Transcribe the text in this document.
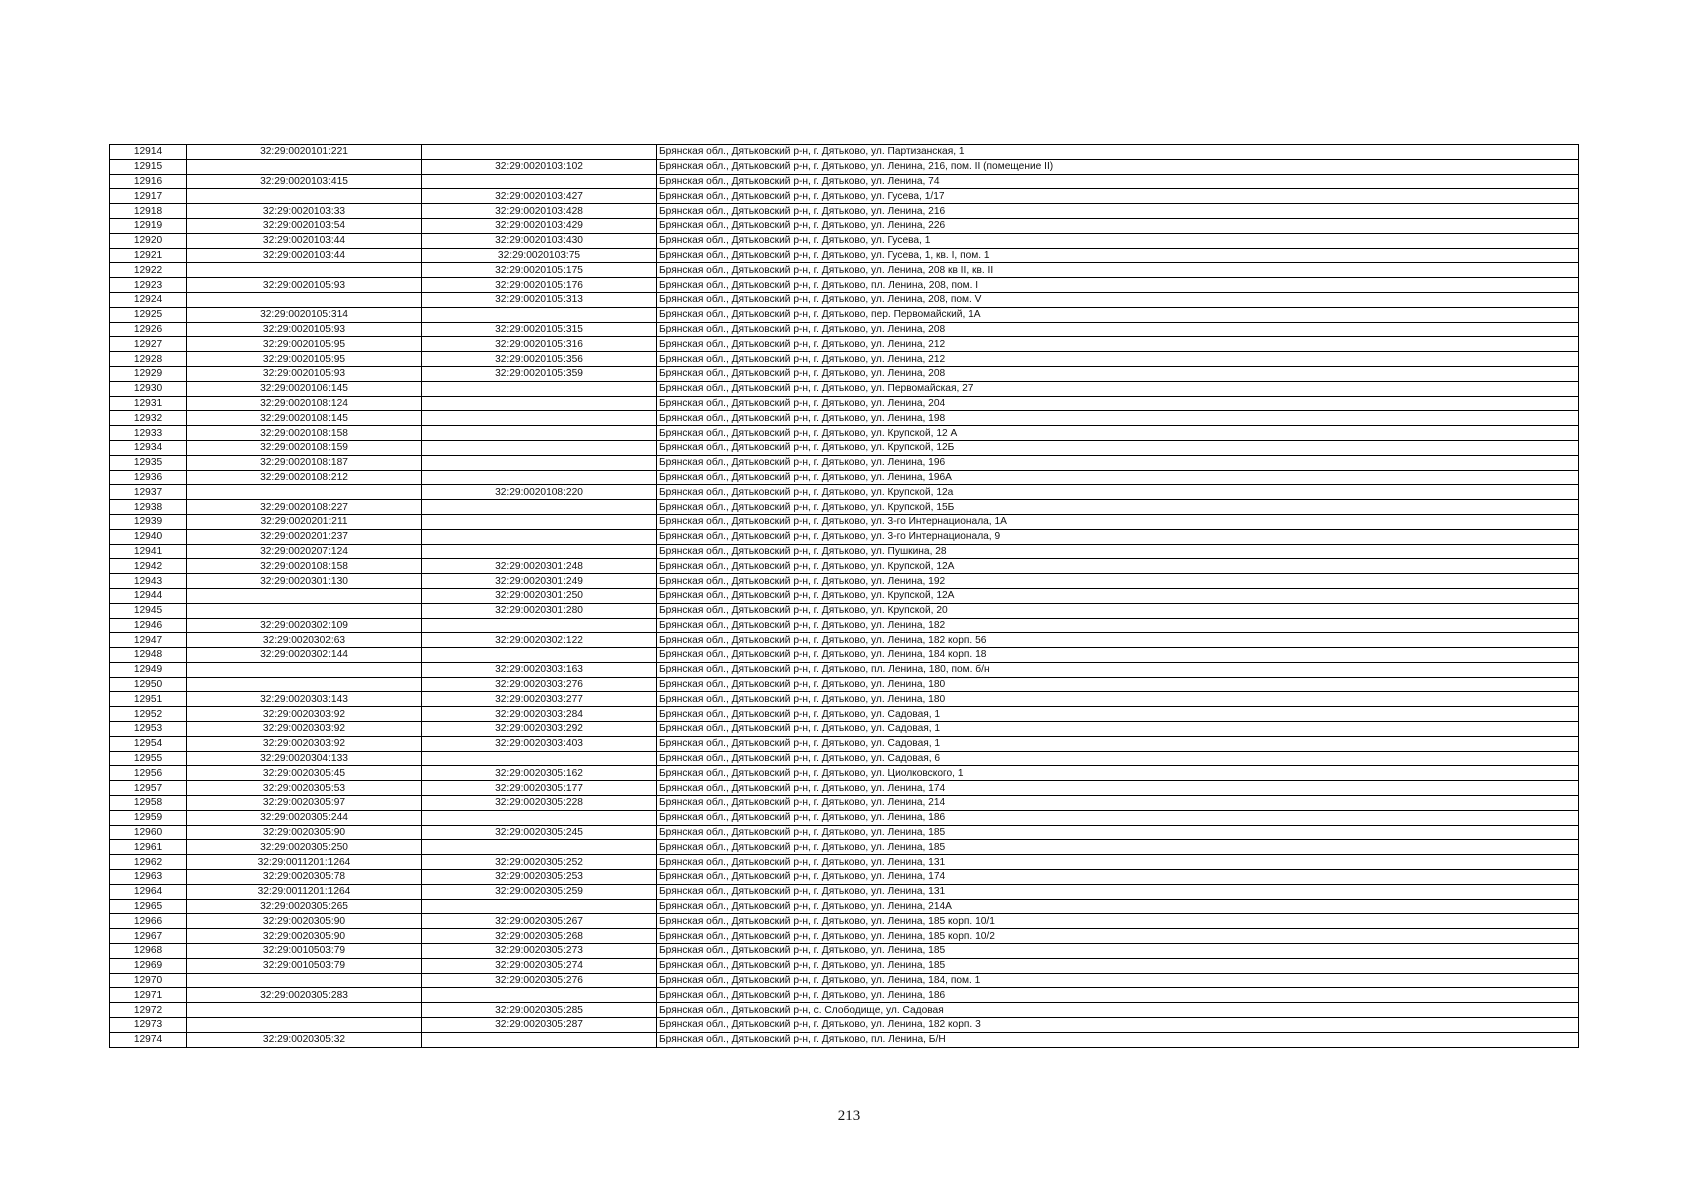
12914	32:29:0020101:221		Брянская обл., Дятьковский р-н, г. Дятьково, ул. Партизанская, 1
12915		32:29:0020103:102	Брянская обл., Дятьковский р-н, г. Дятьково, ул. Ленина, 216, пом. II (помещение II)
12916	32:29:0020103:415		Брянская обл., Дятьковский р-н, г. Дятьково, ул. Ленина, 74
12917		32:29:0020103:427	Брянская обл., Дятьковский р-н, г. Дятьково, ул. Гусева, 1/17
12918	32:29:0020103:33	32:29:0020103:428	Брянская обл., Дятьковский р-н, г. Дятьково, ул. Ленина, 216
12919	32:29:0020103:54	32:29:0020103:429	Брянская обл., Дятьковский р-н, г. Дятьково, ул. Ленина, 226
12920	32:29:0020103:44	32:29:0020103:430	Брянская обл., Дятьковский р-н, г. Дятьково, ул. Гусева, 1
12921	32:29:0020103:44	32:29:0020103:75	Брянская обл., Дятьковский р-н, г. Дятьково, ул. Гусева, 1, кв. I, пом. 1
12922		32:29:0020105:175	Брянская обл., Дятьковский р-н, г. Дятьково, ул. Ленина, 208 кв II, кв. II
12923	32:29:0020105:93	32:29:0020105:176	Брянская обл., Дятьковский р-н, г. Дятьково, пл. Ленина, 208, пом. I
12924		32:29:0020105:313	Брянская обл., Дятьковский р-н, г. Дятьково, ул. Ленина, 208, пом. V
12925	32:29:0020105:314		Брянская обл., Дятьковский р-н, г. Дятьково, пер. Первомайский, 1А
12926	32:29:0020105:93	32:29:0020105:315	Брянская обл., Дятьковский р-н, г. Дятьково, ул. Ленина, 208
12927	32:29:0020105:95	32:29:0020105:316	Брянская обл., Дятьковский р-н, г. Дятьково, ул. Ленина, 212
12928	32:29:0020105:95	32:29:0020105:356	Брянская обл., Дятьковский р-н, г. Дятьково, ул. Ленина, 212
12929	32:29:0020105:93	32:29:0020105:359	Брянская обл., Дятьковский р-н, г. Дятьково, ул. Ленина, 208
12930	32:29:0020106:145		Брянская обл., Дятьковский р-н, г. Дятьково, ул. Первомайская, 27
12931	32:29:0020108:124		Брянская обл., Дятьковский р-н, г. Дятьково, ул. Ленина, 204
12932	32:29:0020108:145		Брянская обл., Дятьковский р-н, г. Дятьково, ул. Ленина, 198
12933	32:29:0020108:158		Брянская обл., Дятьковский р-н, г. Дятьково, ул. Крупской, 12 А
12934	32:29:0020108:159		Брянская обл., Дятьковский р-н, г. Дятьково, ул. Крупской, 12Б
12935	32:29:0020108:187		Брянская обл., Дятьковский р-н, г. Дятьково, ул. Ленина, 196
12936	32:29:0020108:212		Брянская обл., Дятьковский р-н, г. Дятьково, ул. Ленина, 196А
12937		32:29:0020108:220	Брянская обл., Дятьковский р-н, г. Дятьково, ул. Крупской, 12а
12938	32:29:0020108:227		Брянская обл., Дятьковский р-н, г. Дятьково, ул. Крупской, 15Б
12939	32:29:0020201:211		Брянская обл., Дятьковский р-н, г. Дятьково, ул. 3-го Интернационала, 1А
12940	32:29:0020201:237		Брянская обл., Дятьковский р-н, г. Дятьково, ул. 3-го Интернационала, 9
12941	32:29:0020207:124		Брянская обл., Дятьковский р-н, г. Дятьково, ул. Пушкина, 28
12942	32:29:0020108:158	32:29:0020301:248	Брянская обл., Дятьковский р-н, г. Дятьково, ул. Крупской, 12А
12943	32:29:0020301:130	32:29:0020301:249	Брянская обл., Дятьковский р-н, г. Дятьково, ул. Ленина, 192
12944		32:29:0020301:250	Брянская обл., Дятьковский р-н, г. Дятьково, ул. Крупской, 12А
12945		32:29:0020301:280	Брянская обл., Дятьковский р-н, г. Дятьково, ул. Крупской, 20
12946	32:29:0020302:109		Брянская обл., Дятьковский р-н, г. Дятьково, ул. Ленина, 182
12947	32:29:0020302:63	32:29:0020302:122	Брянская обл., Дятьковский р-н, г. Дятьково, ул. Ленина, 182 корп. 56
12948	32:29:0020302:144		Брянская обл., Дятьковский р-н, г. Дятьково, ул. Ленина, 184 корп. 18
12949		32:29:0020303:163	Брянская обл., Дятьковский р-н, г. Дятьково, пл. Ленина, 180, пом. б/н
12950		32:29:0020303:276	Брянская обл., Дятьковский р-н, г. Дятьково, ул. Ленина, 180
12951	32:29:0020303:143	32:29:0020303:277	Брянская обл., Дятьковский р-н, г. Дятьково, ул. Ленина, 180
12952	32:29:0020303:92	32:29:0020303:284	Брянская обл., Дятьковский р-н, г. Дятьково, ул. Садовая, 1
12953	32:29:0020303:92	32:29:0020303:292	Брянская обл., Дятьковский р-н, г. Дятьково, ул. Садовая, 1
12954	32:29:0020303:92	32:29:0020303:403	Брянская обл., Дятьковский р-н, г. Дятьково, ул. Садовая, 1
12955	32:29:0020304:133		Брянская обл., Дятьковский р-н, г. Дятьково, ул. Садовая, 6
12956	32:29:0020305:45	32:29:0020305:162	Брянская обл., Дятьковский р-н, г. Дятьково, ул. Циолковского, 1
12957	32:29:0020305:53	32:29:0020305:177	Брянская обл., Дятьковский р-н, г. Дятьково, ул. Ленина, 174
12958	32:29:0020305:97	32:29:0020305:228	Брянская обл., Дятьковский р-н, г. Дятьково, ул. Ленина, 214
12959	32:29:0020305:244		Брянская обл., Дятьковский р-н, г. Дятьково, ул. Ленина, 186
12960	32:29:0020305:90	32:29:0020305:245	Брянская обл., Дятьковский р-н, г. Дятьково, ул. Ленина, 185
12961	32:29:0020305:250		Брянская обл., Дятьковский р-н, г. Дятьково, ул. Ленина, 185
12962	32:29:0011201:1264	32:29:0020305:252	Брянская обл., Дятьковский р-н, г. Дятьково, ул. Ленина, 131
12963	32:29:0020305:78	32:29:0020305:253	Брянская обл., Дятьковский р-н, г. Дятьково, ул. Ленина, 174
12964	32:29:0011201:1264	32:29:0020305:259	Брянская обл., Дятьковский р-н, г. Дятьково, ул. Ленина, 131
12965	32:29:0020305:265		Брянская обл., Дятьковский р-н, г. Дятьково, ул. Ленина, 214А
12966	32:29:0020305:90	32:29:0020305:267	Брянская обл., Дятьковский р-н, г. Дятьково, ул. Ленина, 185 корп. 10/1
12967	32:29:0020305:90	32:29:0020305:268	Брянская обл., Дятьковский р-н, г. Дятьково, ул. Ленина, 185 корп. 10/2
12968	32:29:0010503:79	32:29:0020305:273	Брянская обл., Дятьковский р-н, г. Дятьково, ул. Ленина, 185
12969	32:29:0010503:79	32:29:0020305:274	Брянская обл., Дятьковский р-н, г. Дятьково, ул. Ленина, 185
12970		32:29:0020305:276	Брянская обл., Дятьковский р-н, г. Дятьково, ул. Ленина, 184, пом. 1
12971	32:29:0020305:283		Брянская обл., Дятьковский р-н, г. Дятьково, ул. Ленина, 186
12972		32:29:0020305:285	Брянская обл., Дятьковский р-н, с. Слободище, ул. Садовая
12973		32:29:0020305:287	Брянская обл., Дятьковский р-н, г. Дятьково, ул. Ленина, 182 корп. 3
12974	32:29:0020305:32		Брянская обл., Дятьковский р-н, г. Дятьково, пл. Ленина, Б/Н
213
